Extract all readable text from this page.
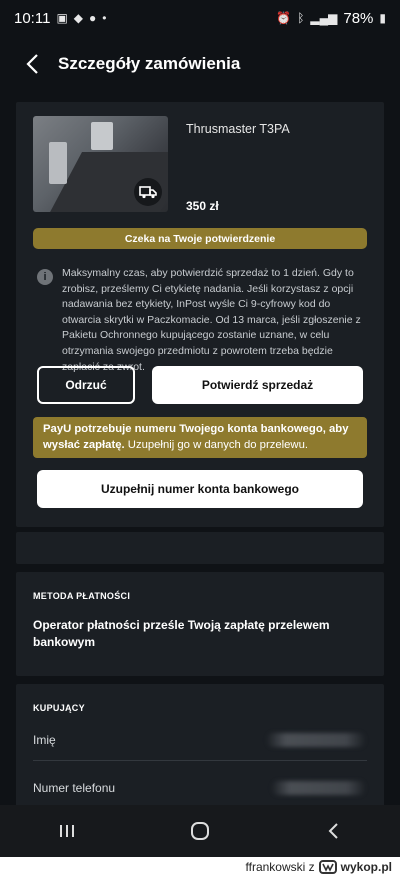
10:11 ▣ ◆ ● •	⏰ ᛒ ▂▄▆ 78% ▮
Szczegóły zamówienia
Thrusmaster T3PA
350 zł
Czeka na Twoje potwierdzenie
i	Maksymalny czas, aby potwierdzić sprzedaż to 1 dzień. Gdy to zrobisz, prześlemy Ci etykietę nadania. Jeśli korzystasz z opcji nadawania bez etykiety, InPost wyśle Ci 9-cyfrowy kod do otwarcia skrytki w Paczkomacie. Od 13 marca, jeśli zgłoszenie z Pakietu Ochronnego kupującego zostanie uznane, w celu otrzymania swojego przedmiotu z powrotem trzeba będzie zapłacić za zwrot.
Odrzuć	Potwierdź sprzedaż
PayU potrzebuje numeru Twojego konta bankowego, aby wysłać zapłatę. Uzupełnij go w danych do przelewu.
Uzupełnij numer konta bankowego
METODA PŁATNOŚCI
Operator płatności prześle Twoją zapłatę przelewem bankowym
KUPUJĄCY
Imię
Numer telefonu
ffrankowski z wykop.pl
